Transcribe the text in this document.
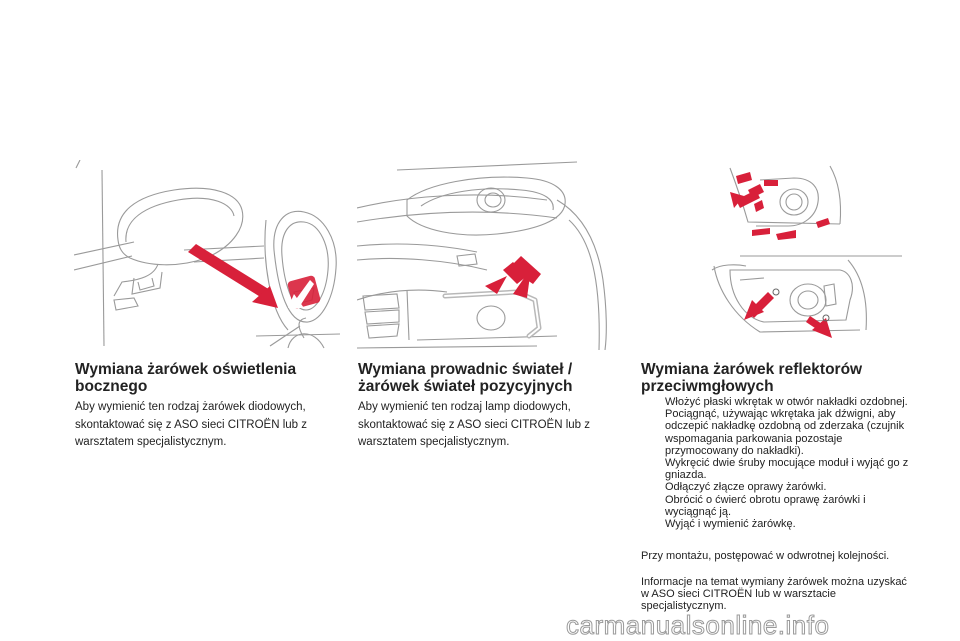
Wymiana żarówek oświetlenia
bocznego

Aby wymienić ten rodzaj żarówek diodowych, skontaktować się z ASO sieci CITROËN lub z warsztatem specjalistycznym.

Wymiana prowadnic świateł /
żarówek świateł pozycyjnych

Aby wymienić ten rodzaj lamp diodowych, skontaktować się z ASO sieci CITROËN lub z warsztatem specjalistycznym.

Wymiana żarówek reflektorów
przeciwmgłowych
Włożyć płaski wkrętak w otwór nakładki ozdobnej.
Pociągnąć, używając wkrętaka jak dźwigni, aby odczepić nakładkę ozdobną od zderzaka (czujnik wspomagania parkowania pozostaje przymocowany do nakładki).
Wykręcić dwie śruby mocujące moduł i wyjąć go z gniazda.
Odłączyć złącze oprawy żarówki.
Obrócić o ćwierć obrotu oprawę żarówki i wyciągnąć ją.
Wyjąć i wymienić żarówkę.
Przy montażu, postępować w odwrotnej kolejności.
Informacje na temat wymiany żarówek można uzyskać w ASO sieci CITROËN lub w warsztacie specjalistycznym.
carmanualsonline.info
